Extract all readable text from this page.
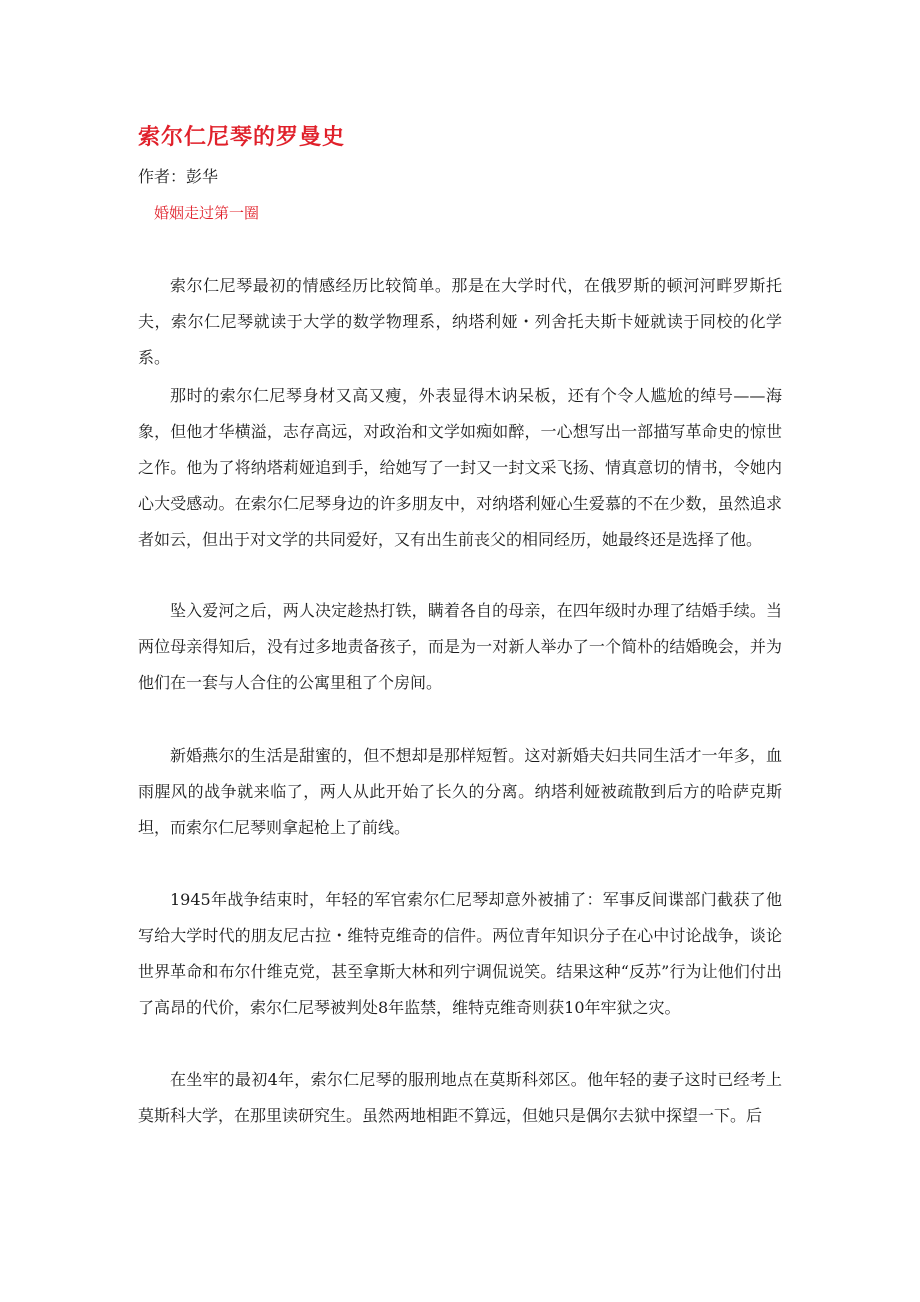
索尔仁尼琴的罗曼史
作者：彭华
婚姻走过第一圈

索尔仁尼琴最初的情感经历比较简单。那是在大学时代，在俄罗斯的顿河河畔罗斯托夫，索尔仁尼琴就读于大学的数学物理系，纳塔利娅・列舍托夫斯卡娅就读于同校的化学系。

那时的索尔仁尼琴身材又高又瘦，外表显得木讷呆板，还有个令人尴尬的绰号——海象，但他才华横溢，志存高远，对政治和文学如痴如醉，一心想写出一部描写革命史的惊世之作。他为了将纳塔莉娅追到手，给她写了一封又一封文采飞扬、情真意切的情书，令她内心大受感动。在索尔仁尼琴身边的许多朋友中，对纳塔利娅心生爱慕的不在少数，虽然追求者如云，但出于对文学的共同爱好，又有出生前丧父的相同经历，她最终还是选择了他。

坠入爱河之后，两人决定趁热打铁，瞒着各自的母亲，在四年级时办理了结婚手续。当两位母亲得知后，没有过多地责备孩子，而是为一对新人举办了一个简朴的结婚晚会，并为他们在一套与人合住的公寓里租了个房间。

新婚燕尔的生活是甜蜜的，但不想却是那样短暂。这对新婚夫妇共同生活才一年多，血雨腥风的战争就来临了，两人从此开始了长久的分离。纳塔利娅被疏散到后方的哈萨克斯坦，而索尔仁尼琴则拿起枪上了前线。

1945年战争结束时，年轻的军官索尔仁尼琴却意外被捕了：军事反间谍部门截获了他写给大学时代的朋友尼古拉・维特克维奇的信件。两位青年知识分子在心中讨论战争，谈论世界革命和布尔什维克党，甚至拿斯大林和列宁调侃说笑。结果这种“反苏”行为让他们付出了高昂的代价，索尔仁尼琴被判处8年监禁，维特克维奇则获10年牢狱之灾。

在坐牢的最初4年，索尔仁尼琴的服刑地点在莫斯科郊区。他年轻的妻子这时已经考上莫斯科大学，在那里读研究生。虽然两地相距不算远，但她只是偶尔去狱中探望一下。后
